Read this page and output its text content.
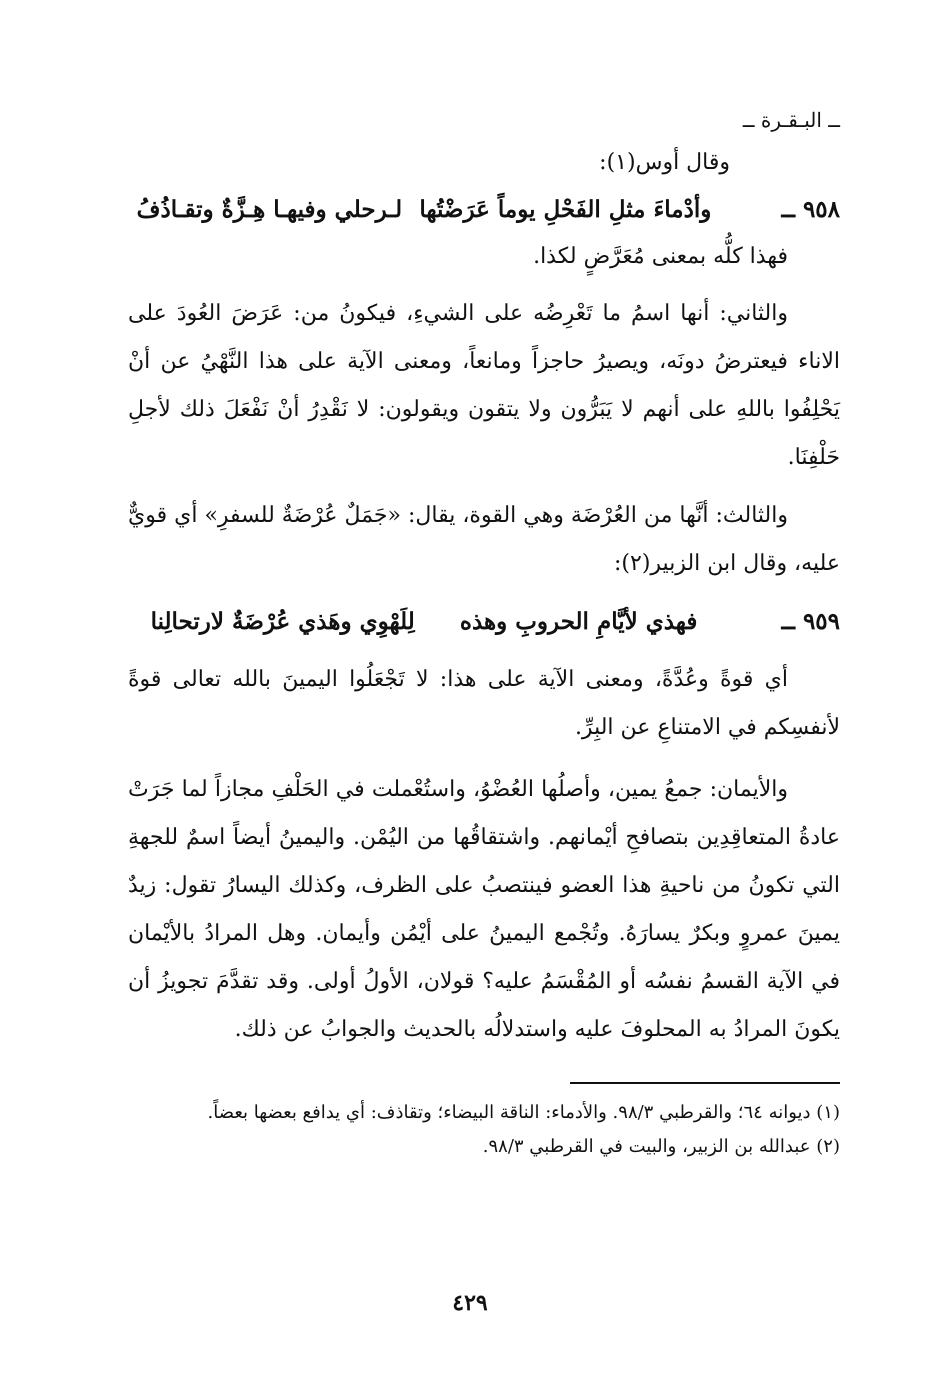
ــ البـقـرة ــ
وقال أوس(١):
٩٥٨ ــ
وأدْماءَ مثلِ الفَحْلِ يوماً عَرَضْتُها
لـرحلي وفيهـا هِـزَّةٌ وتقـاذُفُ

فهذا كلُّه بمعنى مُعَرَّضٍ لكذا.

والثاني: أنها اسمُ ما تَعْرِضُه على الشيءِ، فيكونُ من: عَرَضَ العُودَ على الاناء فيعترضُ دونَه، ويصيرُ حاجزاً ومانعاً، ومعنى الآية على هذا النَّهْيُ عن أنْ يَحْلِفُوا باللهِ على أنهم لا يَبَرُّون ولا يتقون ويقولون: لا نَقْدِرُ أنْ نَفْعَلَ ذلك لأجلِ حَلْفِنَا.

والثالث: أنَّها من العُرْضَة وهي القوة، يقال: «جَمَلٌ عُرْضَةٌ للسفرِ» أي قويٌّ عليه، وقال ابن الزبير(٢):

٩٥٩ ــ
فهذي لأيَّامِ الحروبِ وهذه
لِلَهْوِي وهَذي عُرْضَةٌ لارتحالِنا

أي قوةً وعُدَّةً، ومعنى الآية على هذا: لا تَجْعَلُوا اليمينَ بالله تعالى قوةً لأنفسِكم في الامتناعِ عن البِرِّ.

والأيمان: جمعُ يمين، وأصلُها العُضْوُ، واستُعْملت في الحَلْفِ مجازاً لما جَرَتْ عادةُ المتعاقِدِين بتصافحِ أيْمانهم. واشتقاقُها من اليُمْن. واليمينُ أيضاً اسمٌ للجهةِ التي تكونُ من ناحيةِ هذا العضو فينتصبُ على الظرف، وكذلك اليسارُ تقول: زيدٌ يمينَ عمروٍ وبكرٌ يسارَهُ. وتُجْمع اليمينُ على أيْمُن وأيمان. وهل المرادُ بالأيْمان في الآية القسمُ نفسُه أو المُقْسَمُ عليه؟ قولان، الأولُ أولى. وقد تقدَّمَ تجويزُ أن يكونَ المرادُ به المحلوفَ عليه واستدلالُه بالحديث والجوابُ عن ذلك.

(١) ديوانه ٦٤؛ والقرطبي ٩٨/٣. والأدماء: الناقة البيضاء؛ وتقاذف: أي يدافع بعضها بعضاً.

(٢) عبدالله بن الزبير، والبيت في القرطبي ٩٨/٣.

٤٢٩
